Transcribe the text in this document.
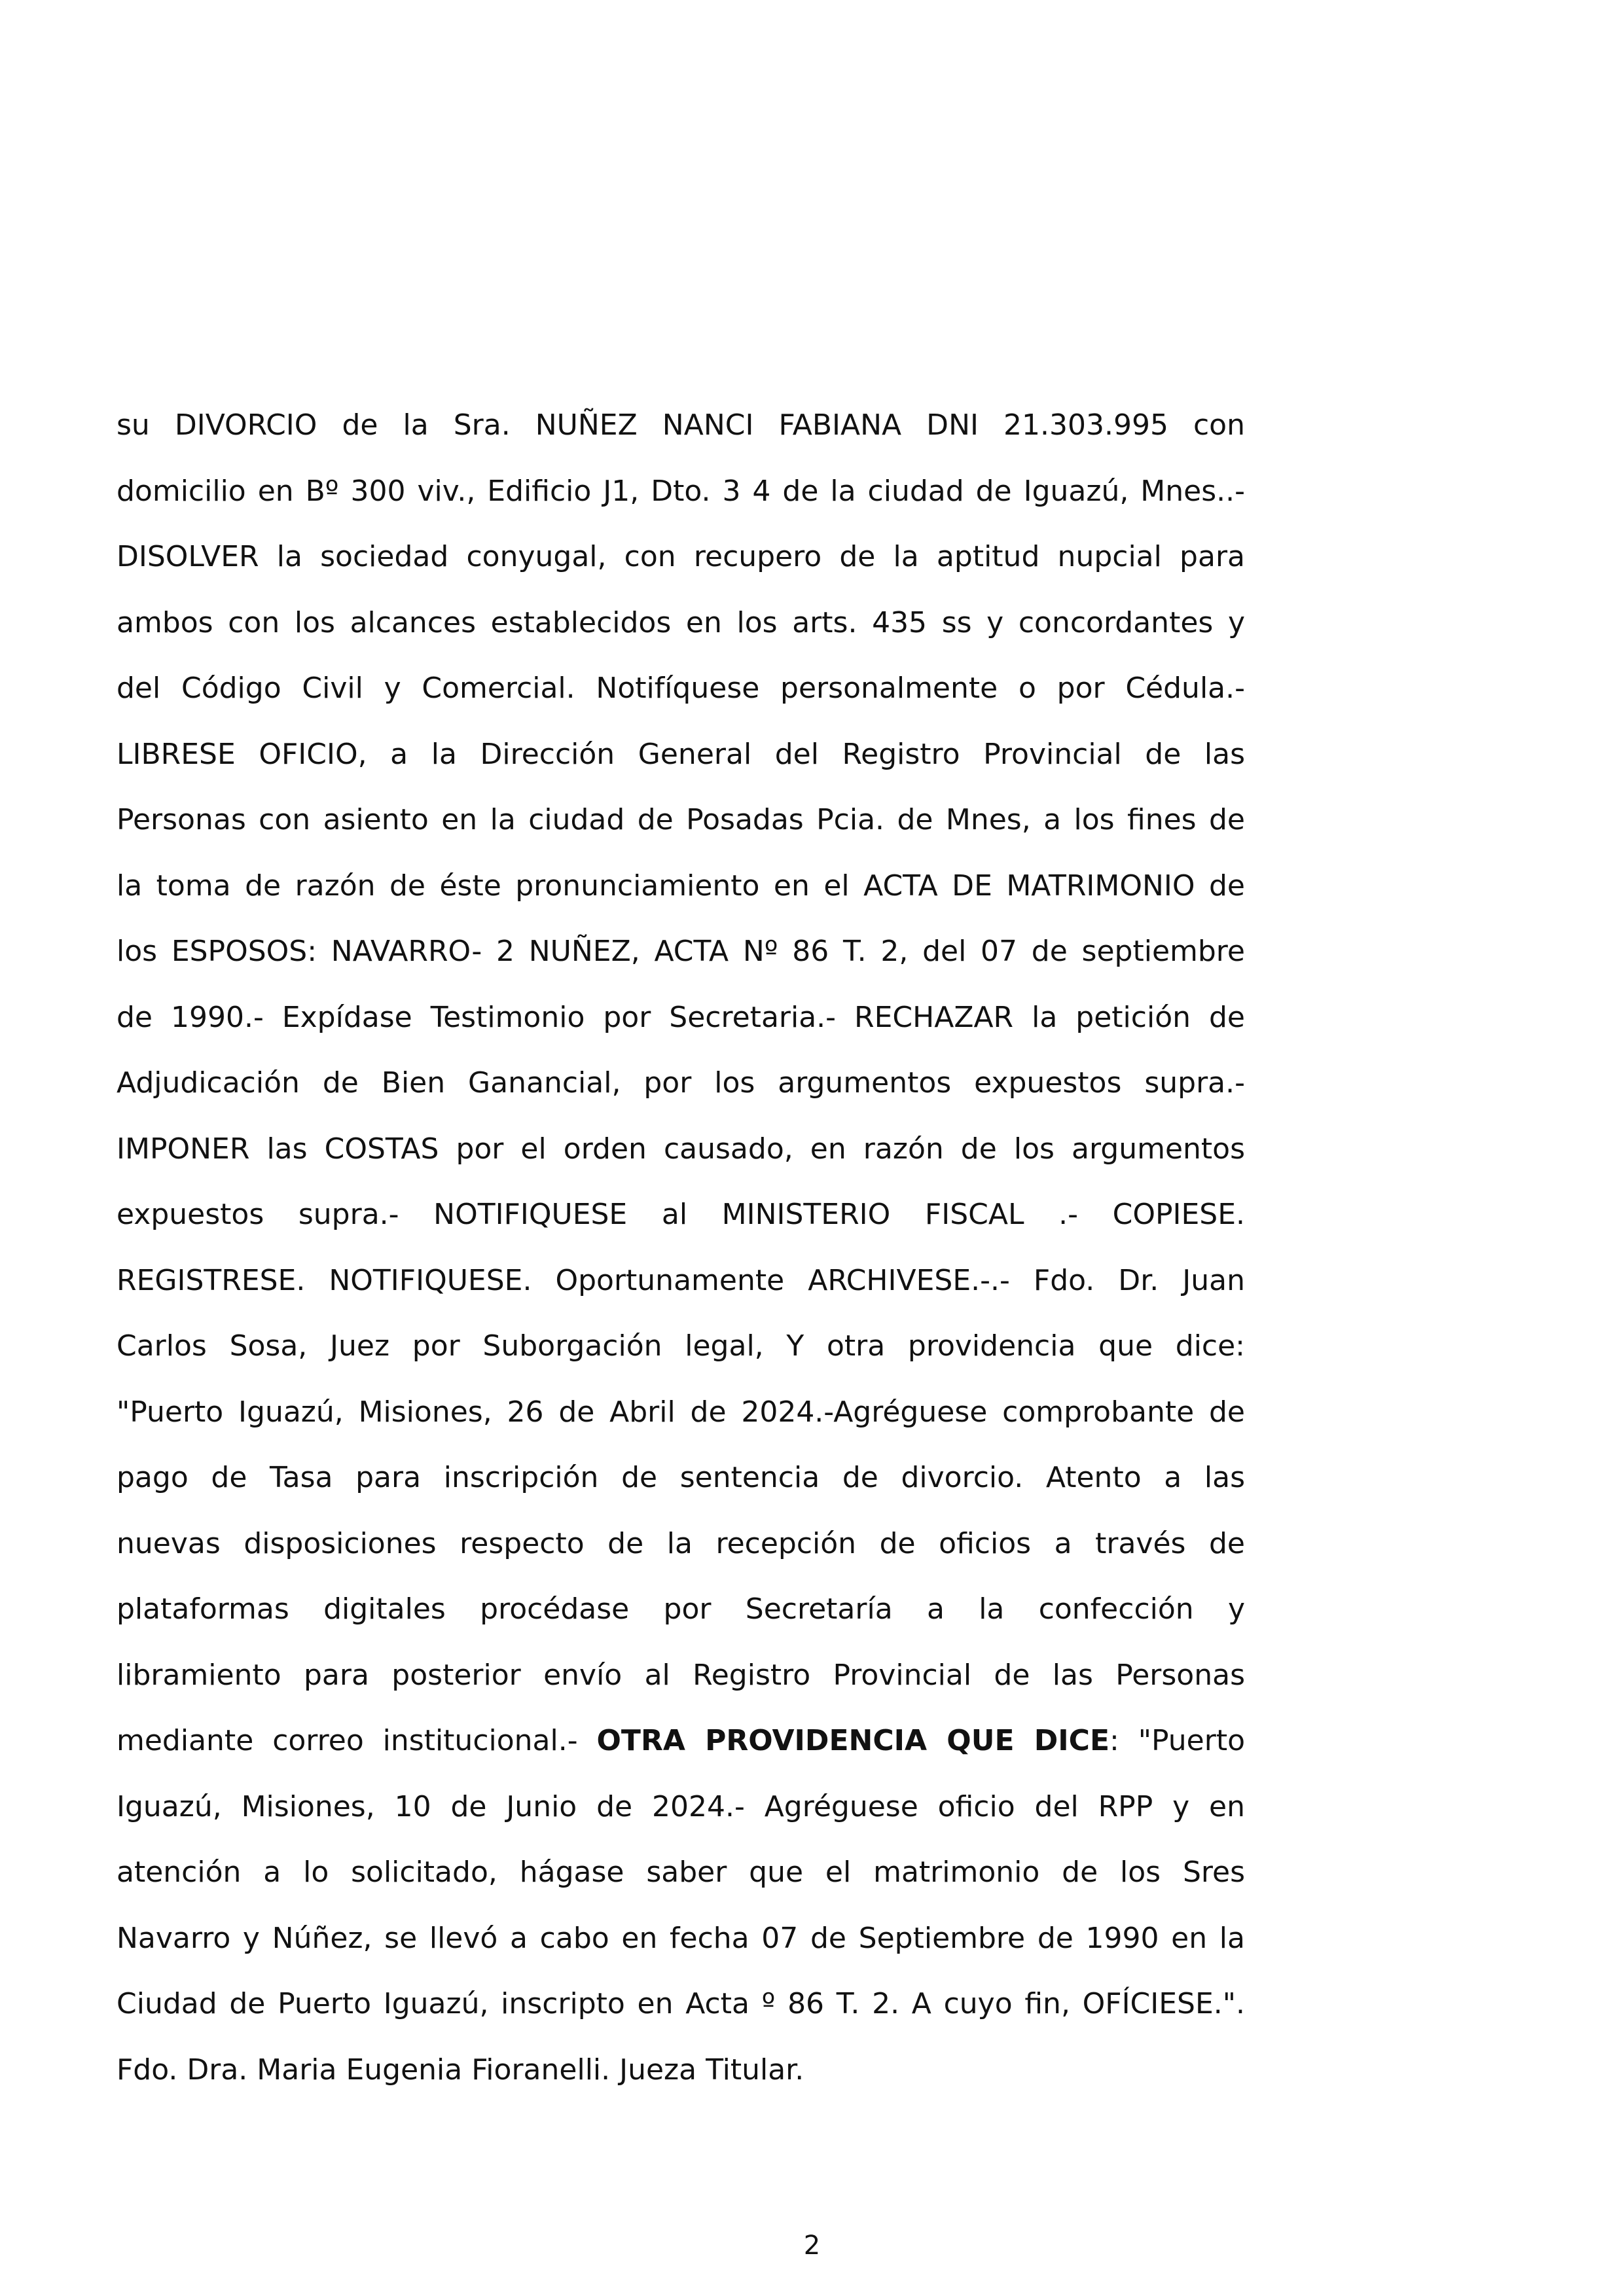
su DIVORCIO de la Sra. NUÑEZ NANCI FABIANA DNI 21.303.995 con
domicilio en Bº 300 viv., Edificio J1, Dto. 3 4 de la ciudad de Iguazú, Mnes..-
DISOLVER la sociedad conyugal, con recupero de la aptitud nupcial para
ambos con los alcances establecidos en los arts. 435 ss y concordantes y
del Código Civil y Comercial. Notifíquese personalmente o por Cédula.-
LIBRESE OFICIO, a la Dirección General del Registro Provincial de las
Personas con asiento en la ciudad de Posadas Pcia. de Mnes, a los fines de
la toma de razón de éste pronunciamiento en el ACTA DE MATRIMONIO de
los ESPOSOS: NAVARRO- 2 NUÑEZ, ACTA Nº 86 T. 2, del 07 de septiembre
de 1990.- Expídase Testimonio por Secretaria.- RECHAZAR la petición de
Adjudicación de Bien Ganancial, por los argumentos expuestos supra.-
IMPONER las COSTAS por el orden causado, en razón de los argumentos
expuestos supra.- NOTIFIQUESE al MINISTERIO FISCAL .- COPIESE.
REGISTRESE. NOTIFIQUESE. Oportunamente ARCHIVESE.-.- Fdo. Dr. Juan
Carlos Sosa, Juez por Suborgación legal, Y otra providencia que dice:
"Puerto Iguazú, Misiones, 26 de Abril de 2024.-Agréguese comprobante de
pago de Tasa para inscripción de sentencia de divorcio. Atento a las
nuevas disposiciones respecto de la recepción de oficios a través de
plataformas digitales procédase por Secretaría a la confección y
libramiento para posterior envío al Registro Provincial de las Personas
mediante correo institucional.- OTRA PROVIDENCIA QUE DICE: "Puerto
Iguazú, Misiones, 10 de Junio de 2024.- Agréguese oficio del RPP y en
atención a lo solicitado, hágase saber que el matrimonio de los Sres
Navarro y Núñez, se llevó a cabo en fecha 07 de Septiembre de 1990 en la
Ciudad de Puerto Iguazú, inscripto en Acta º 86 T. 2. A cuyo fin, OFÍCIESE.".
Fdo. Dra. Maria Eugenia Fioranelli. Jueza Titular.
2
